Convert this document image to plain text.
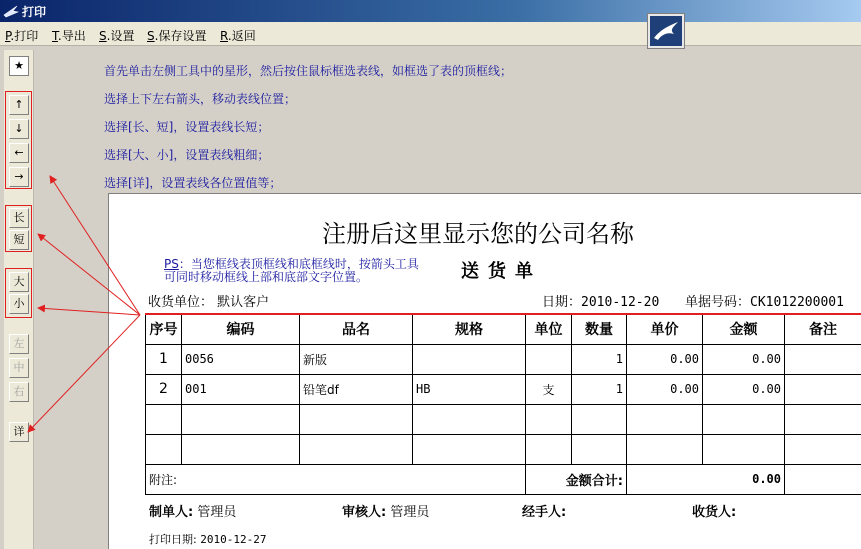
打印
P.打印 T.导出 S.设置 S.保存设置 R.返回
★
↑
↓
←
→
长
短
大
小
左
中
右
详
首先单击左侧工具中的星形，然后按住鼠标框选表线，如框选了表的顶框线；
选择上下左右箭头，移动表线位置；
选择[长、短]，设置表线长短；
选择[大、小]，设置表线粗细；
选择[详]，设置表线各位置值等；
注册后这里显示您的公司名称
PS：当您框线表顶框线和底框线时，按箭头工具
可同时移动框线上部和底部文字位置。	送货单
收货单位： 默认客户	日期：2010-12-20 单据号码：CK1012200001
序号	编码	品名	规格	单位	数量	单价	金额	备注
1	0056	新版			1	0.00	0.00	
2	001	铅笔df	HB	支	1	0.00	0.00	

附注:				金额合计:		0.00		
制单人: 管理员	审核人: 管理员	经手人:	收货人:
打印日期: 2010-12-27
